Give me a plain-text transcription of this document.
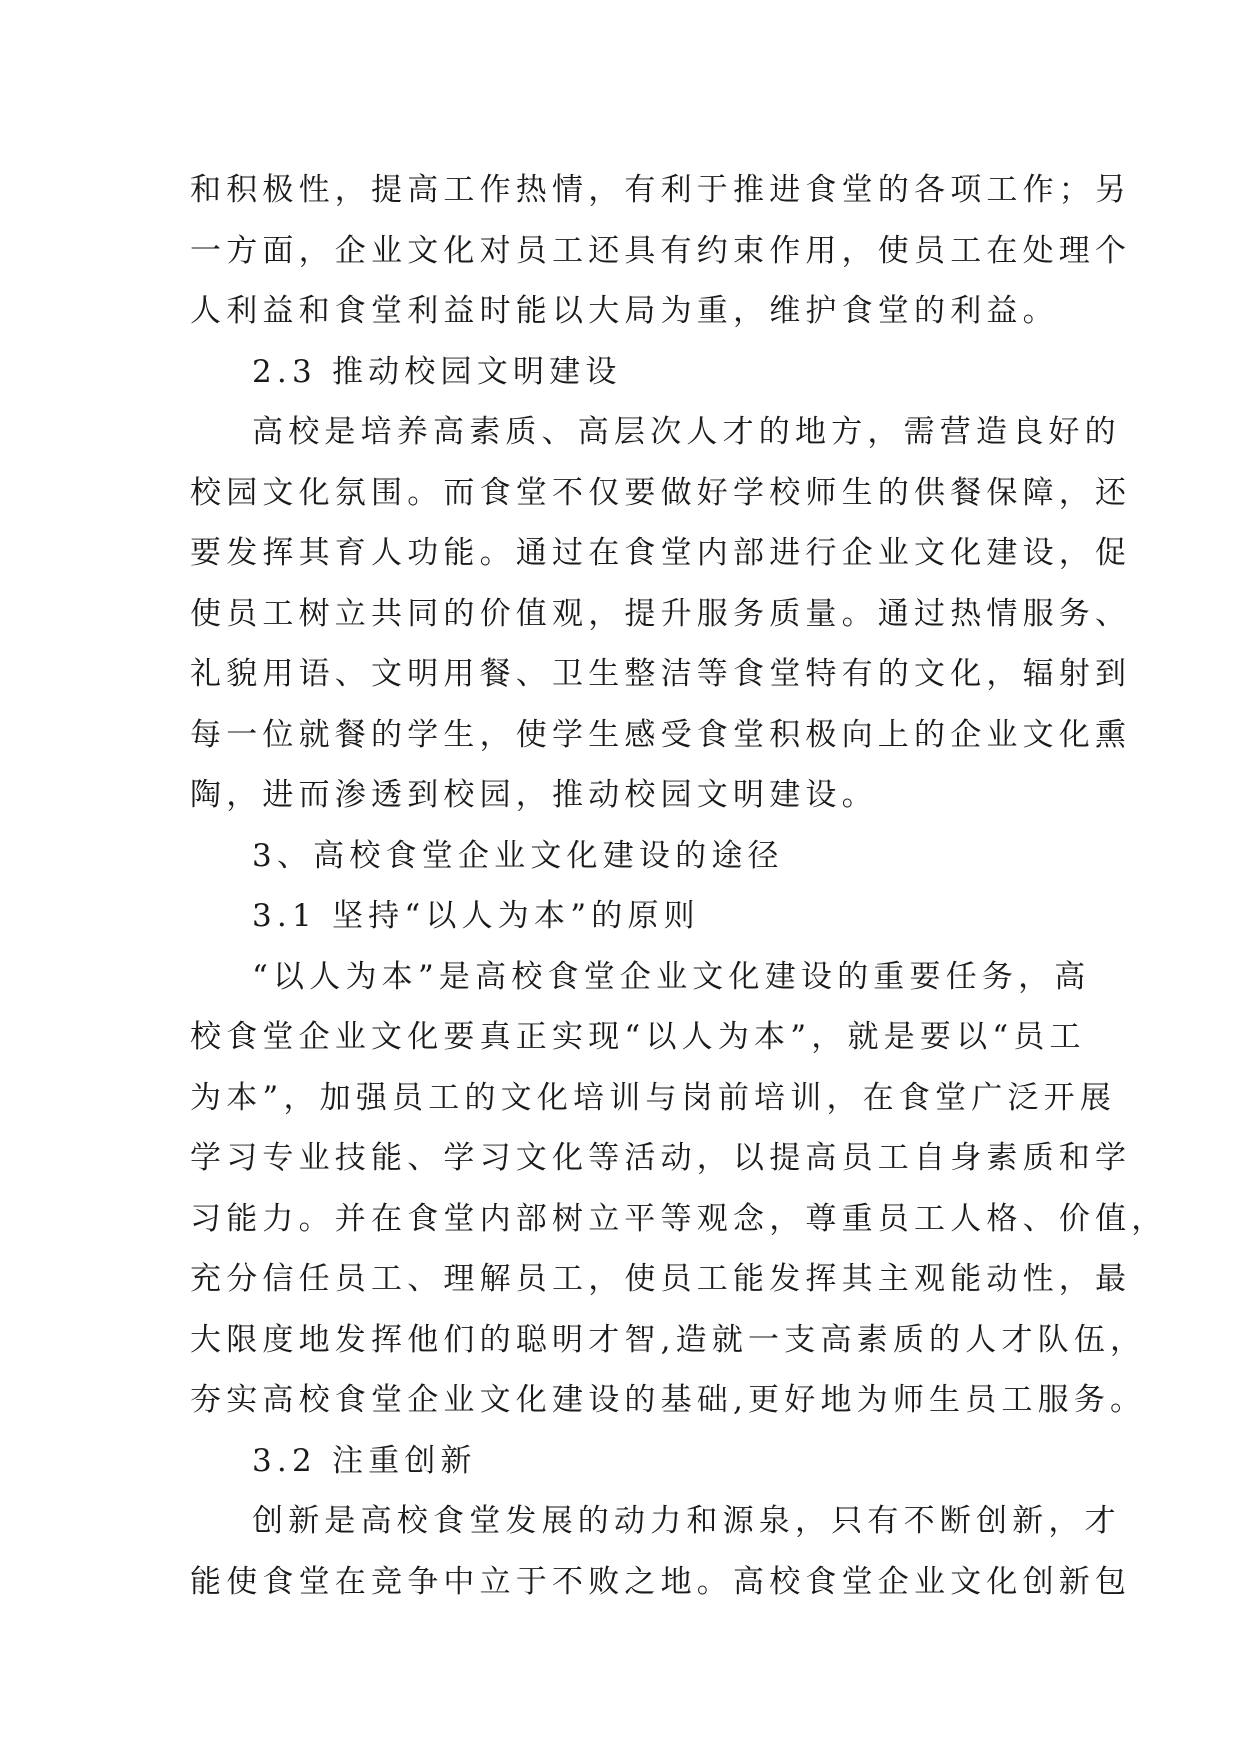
和积极性，提高工作热情，有利于推进食堂的各项工作；另
一方面，企业文化对员工还具有约束作用，使员工在处理个
人利益和食堂利益时能以大局为重，维护食堂的利益。
2.3 推动校园文明建设
高校是培养高素质、高层次人才的地方，需营造良好的
校园文化氛围。而食堂不仅要做好学校师生的供餐保障，还
要发挥其育人功能。通过在食堂内部进行企业文化建设，促
使员工树立共同的价值观，提升服务质量。通过热情服务、
礼貌用语、文明用餐、卫生整洁等食堂特有的文化，辐射到
每一位就餐的学生，使学生感受食堂积极向上的企业文化熏
陶，进而渗透到校园，推动校园文明建设。
3、高校食堂企业文化建设的途径
3.1 坚持“以人为本”的原则
“以人为本”是高校食堂企业文化建设的重要任务，高
校食堂企业文化要真正实现“以人为本”，就是要以“员工
为本”，加强员工的文化培训与岗前培训，在食堂广泛开展
学习专业技能、学习文化等活动，以提高员工自身素质和学
习能力。并在食堂内部树立平等观念，尊重员工人格、价值，
充分信任员工、理解员工，使员工能发挥其主观能动性，最
大限度地发挥他们的聪明才智,造就一支高素质的人才队伍，
夯实高校食堂企业文化建设的基础,更好地为师生员工服务。
3.2 注重创新
创新是高校食堂发展的动力和源泉，只有不断创新，才
能使食堂在竞争中立于不败之地。高校食堂企业文化创新包
